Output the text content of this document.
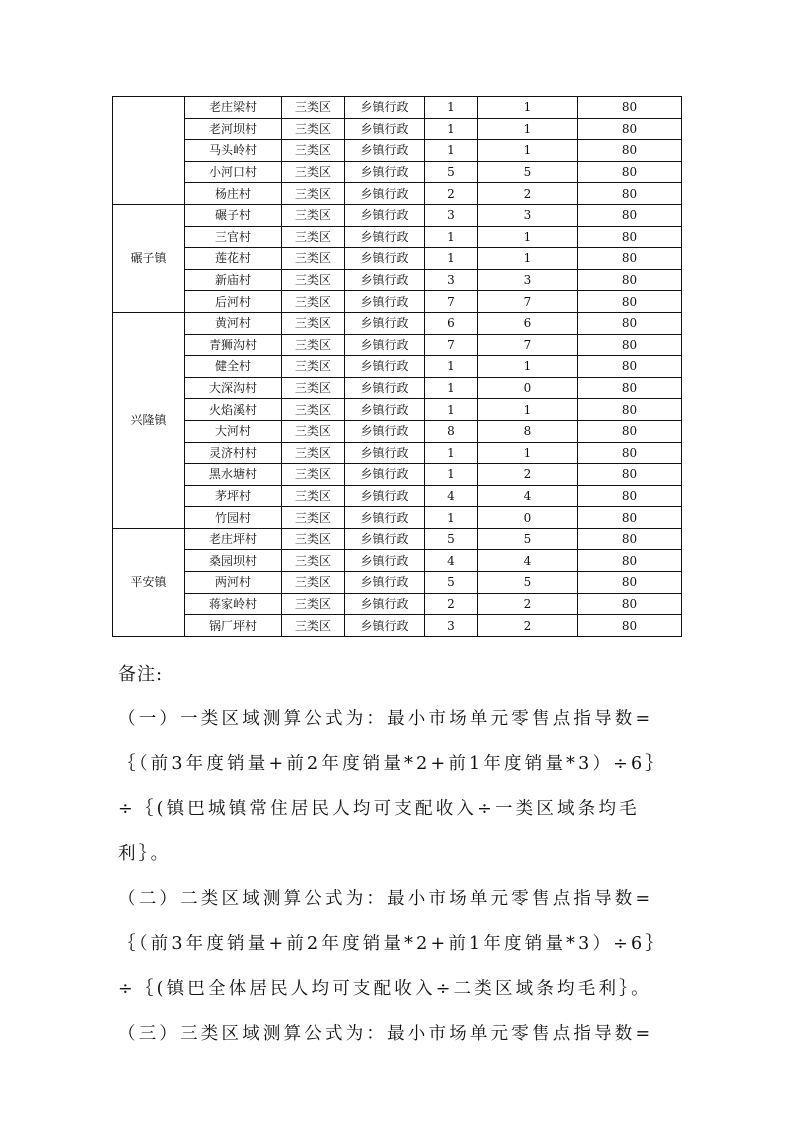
	老庄梁村	三类区	乡镇行政	1	1	80
	老河坝村	三类区	乡镇行政	1	1	80
	马头岭村	三类区	乡镇行政	1	1	80
	小河口村	三类区	乡镇行政	5	5	80
	杨庄村	三类区	乡镇行政	2	2	80
碾子镇	碾子村	三类区	乡镇行政	3	3	80
	三官村	三类区	乡镇行政	1	1	80
	莲花村	三类区	乡镇行政	1	1	80
	新庙村	三类区	乡镇行政	3	3	80
	后河村	三类区	乡镇行政	7	7	80
兴隆镇	黄河村	三类区	乡镇行政	6	6	80
	青狮沟村	三类区	乡镇行政	7	7	80
	健全村	三类区	乡镇行政	1	1	80
	大深沟村	三类区	乡镇行政	1	0	80
	火焰溪村	三类区	乡镇行政	1	1	80
	大河村	三类区	乡镇行政	8	8	80
	灵济村村	三类区	乡镇行政	1	1	80
	黑水塘村	三类区	乡镇行政	1	2	80
	茅坪村	三类区	乡镇行政	4	4	80
	竹园村	三类区	乡镇行政	1	0	80
平安镇	老庄坪村	三类区	乡镇行政	5	5	80
	桑园坝村	三类区	乡镇行政	4	4	80
	两河村	三类区	乡镇行政	5	5	80
	蒋家岭村	三类区	乡镇行政	2	2	80
	锅厂坪村	三类区	乡镇行政	3	2	80
备注:
（一）一类区域测算公式为：最小市场单元零售点指导数=
｛（前3年度销量+前2年度销量*2+前1年度销量*3）÷6｝
÷｛(镇巴城镇常住居民人均可支配收入÷一类区域条均毛
利｝。
（二）二类区域测算公式为：最小市场单元零售点指导数=
｛（前3年度销量+前2年度销量*2+前1年度销量*3）÷6｝
÷｛(镇巴全体居民人均可支配收入÷二类区域条均毛利｝。
（三）三类区域测算公式为：最小市场单元零售点指导数=
